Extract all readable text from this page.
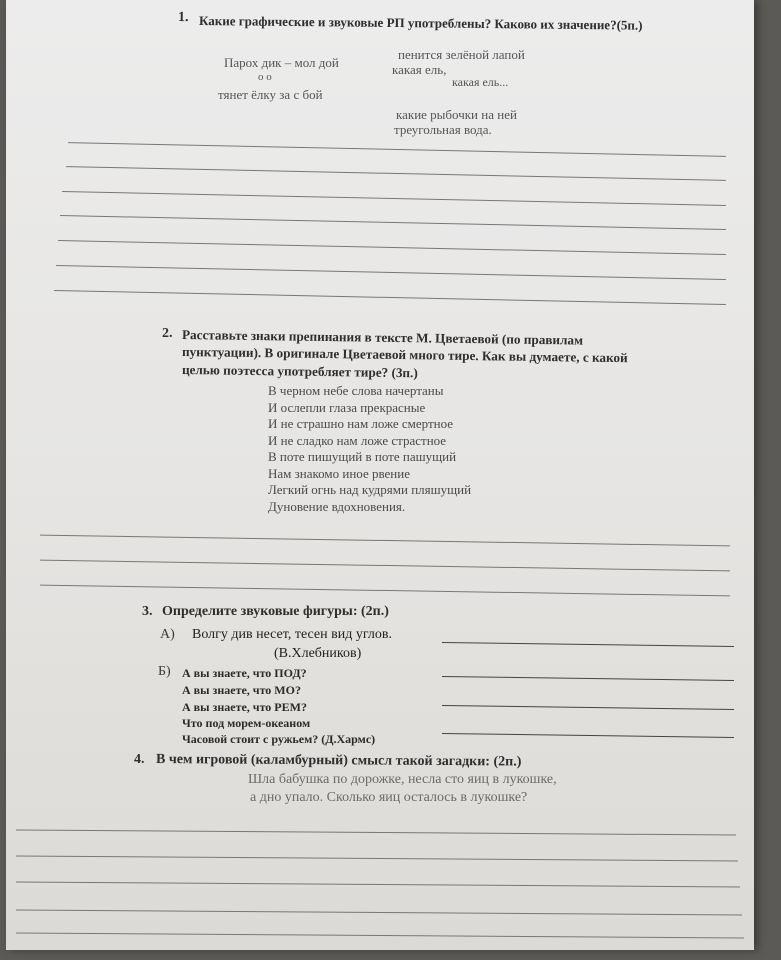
1. Какие графические и звуковые РП употреблены? Каково их значение?(5п.)
Парох дик – мол дой
о о
тянет ёлку за с бой
пенится зелёной лапой
какая ель,
какая ель...
какие рыбочки на ней
треугольная вода.
2. Расставьте знаки препинания в тексте М. Цветаевой (по правилам
пунктуации). В оригинале Цветаевой много тире. Как вы думаете, с какой
целью поэтесса употребляет тире? (3п.)
В черном небе слова начертаны
И ослепли глаза прекрасные
И не страшно нам ложе смертное
И не сладко нам ложе страстное
В поте пишущий в поте пашущий
Нам знакомо иное рвение
Легкий огнь над кудрями пляшущий
Дуновение вдохновения.
3. Определите звуковые фигуры: (2п.)
А) Волгу див несет, тесен вид углов.
(В.Хлебников)
Б) А вы знаете, что ПОД?
А вы знаете, что МО?
А вы знаете, что РЕМ?
Что под морем-океаном
Часовой стоит с ружьем? (Д.Хармс)
4. В чем игровой (каламбурный) смысл такой загадки: (2п.)
Шла бабушка по дорожке, несла сто яиц в лукошке,
а дно упало. Сколько яиц осталось в лукошке?
